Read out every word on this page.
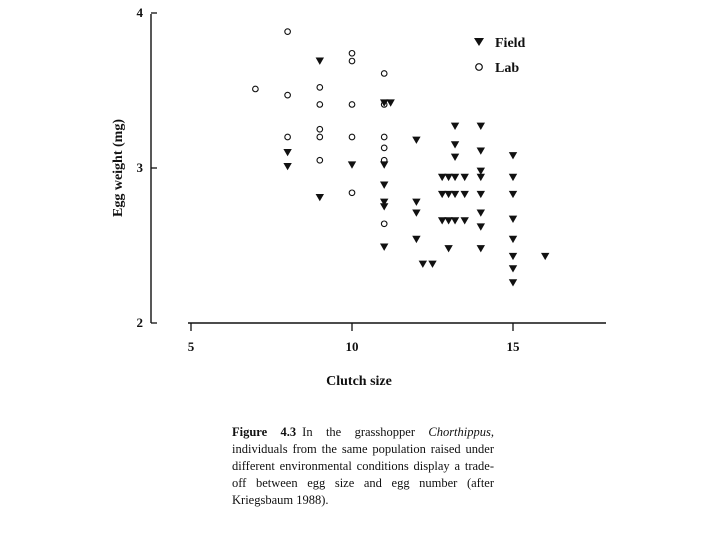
2
3
4
5	10	15
Egg weight (mg)
Clutch size
Field
Lab
Figure 4.3 In the grasshopper Chorthippus, individuals from the same population raised under different environmental conditions display a trade-off between egg size and egg number (after Kriegsbaum 1988).
